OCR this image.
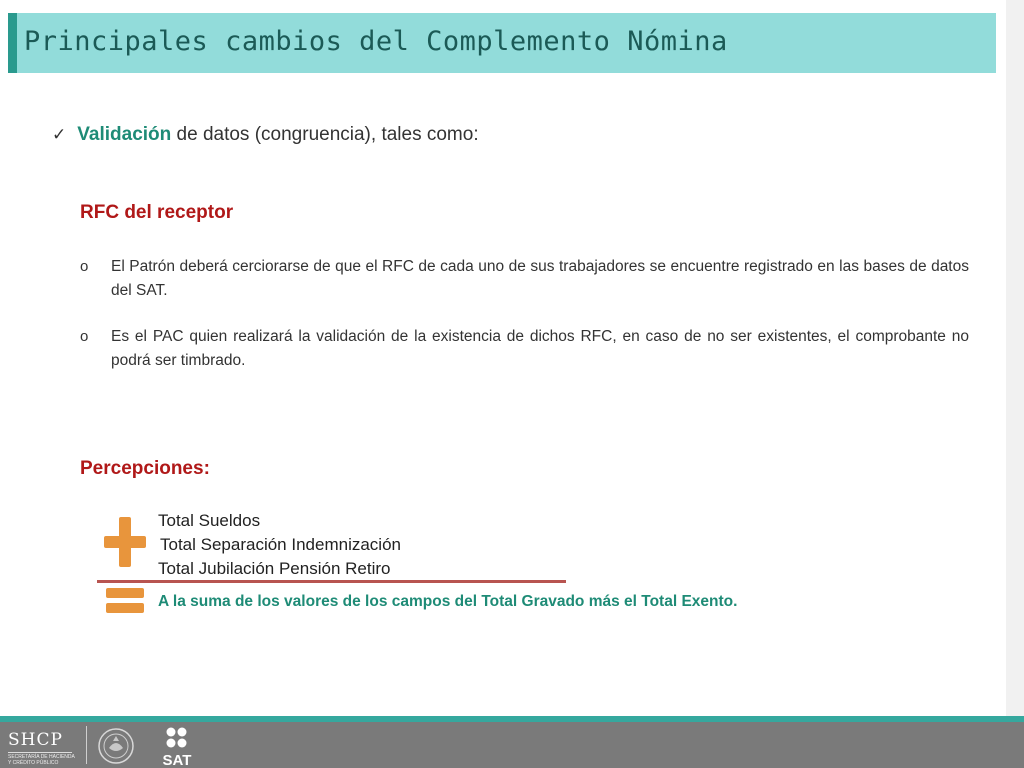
Principales cambios del Complemento Nómina
✓ Validación de datos (congruencia), tales como:
RFC del receptor
o El Patrón deberá cerciorarse de que el RFC de cada uno de sus trabajadores se encuentre registrado en las bases de datos del SAT.
o Es el PAC quien realizará la validación de la existencia de dichos RFC, en caso de no ser existentes, el comprobante no podrá ser timbrado.
Percepciones:
Total Sueldos
Total Separación Indemnización
Total Jubilación Pensión Retiro
A la suma de los valores de los campos del Total Gravado más el Total Exento.
SHCP
SECRETARÍA DE HACIENDA Y CRÉDITO PÚBLICO	SAT
